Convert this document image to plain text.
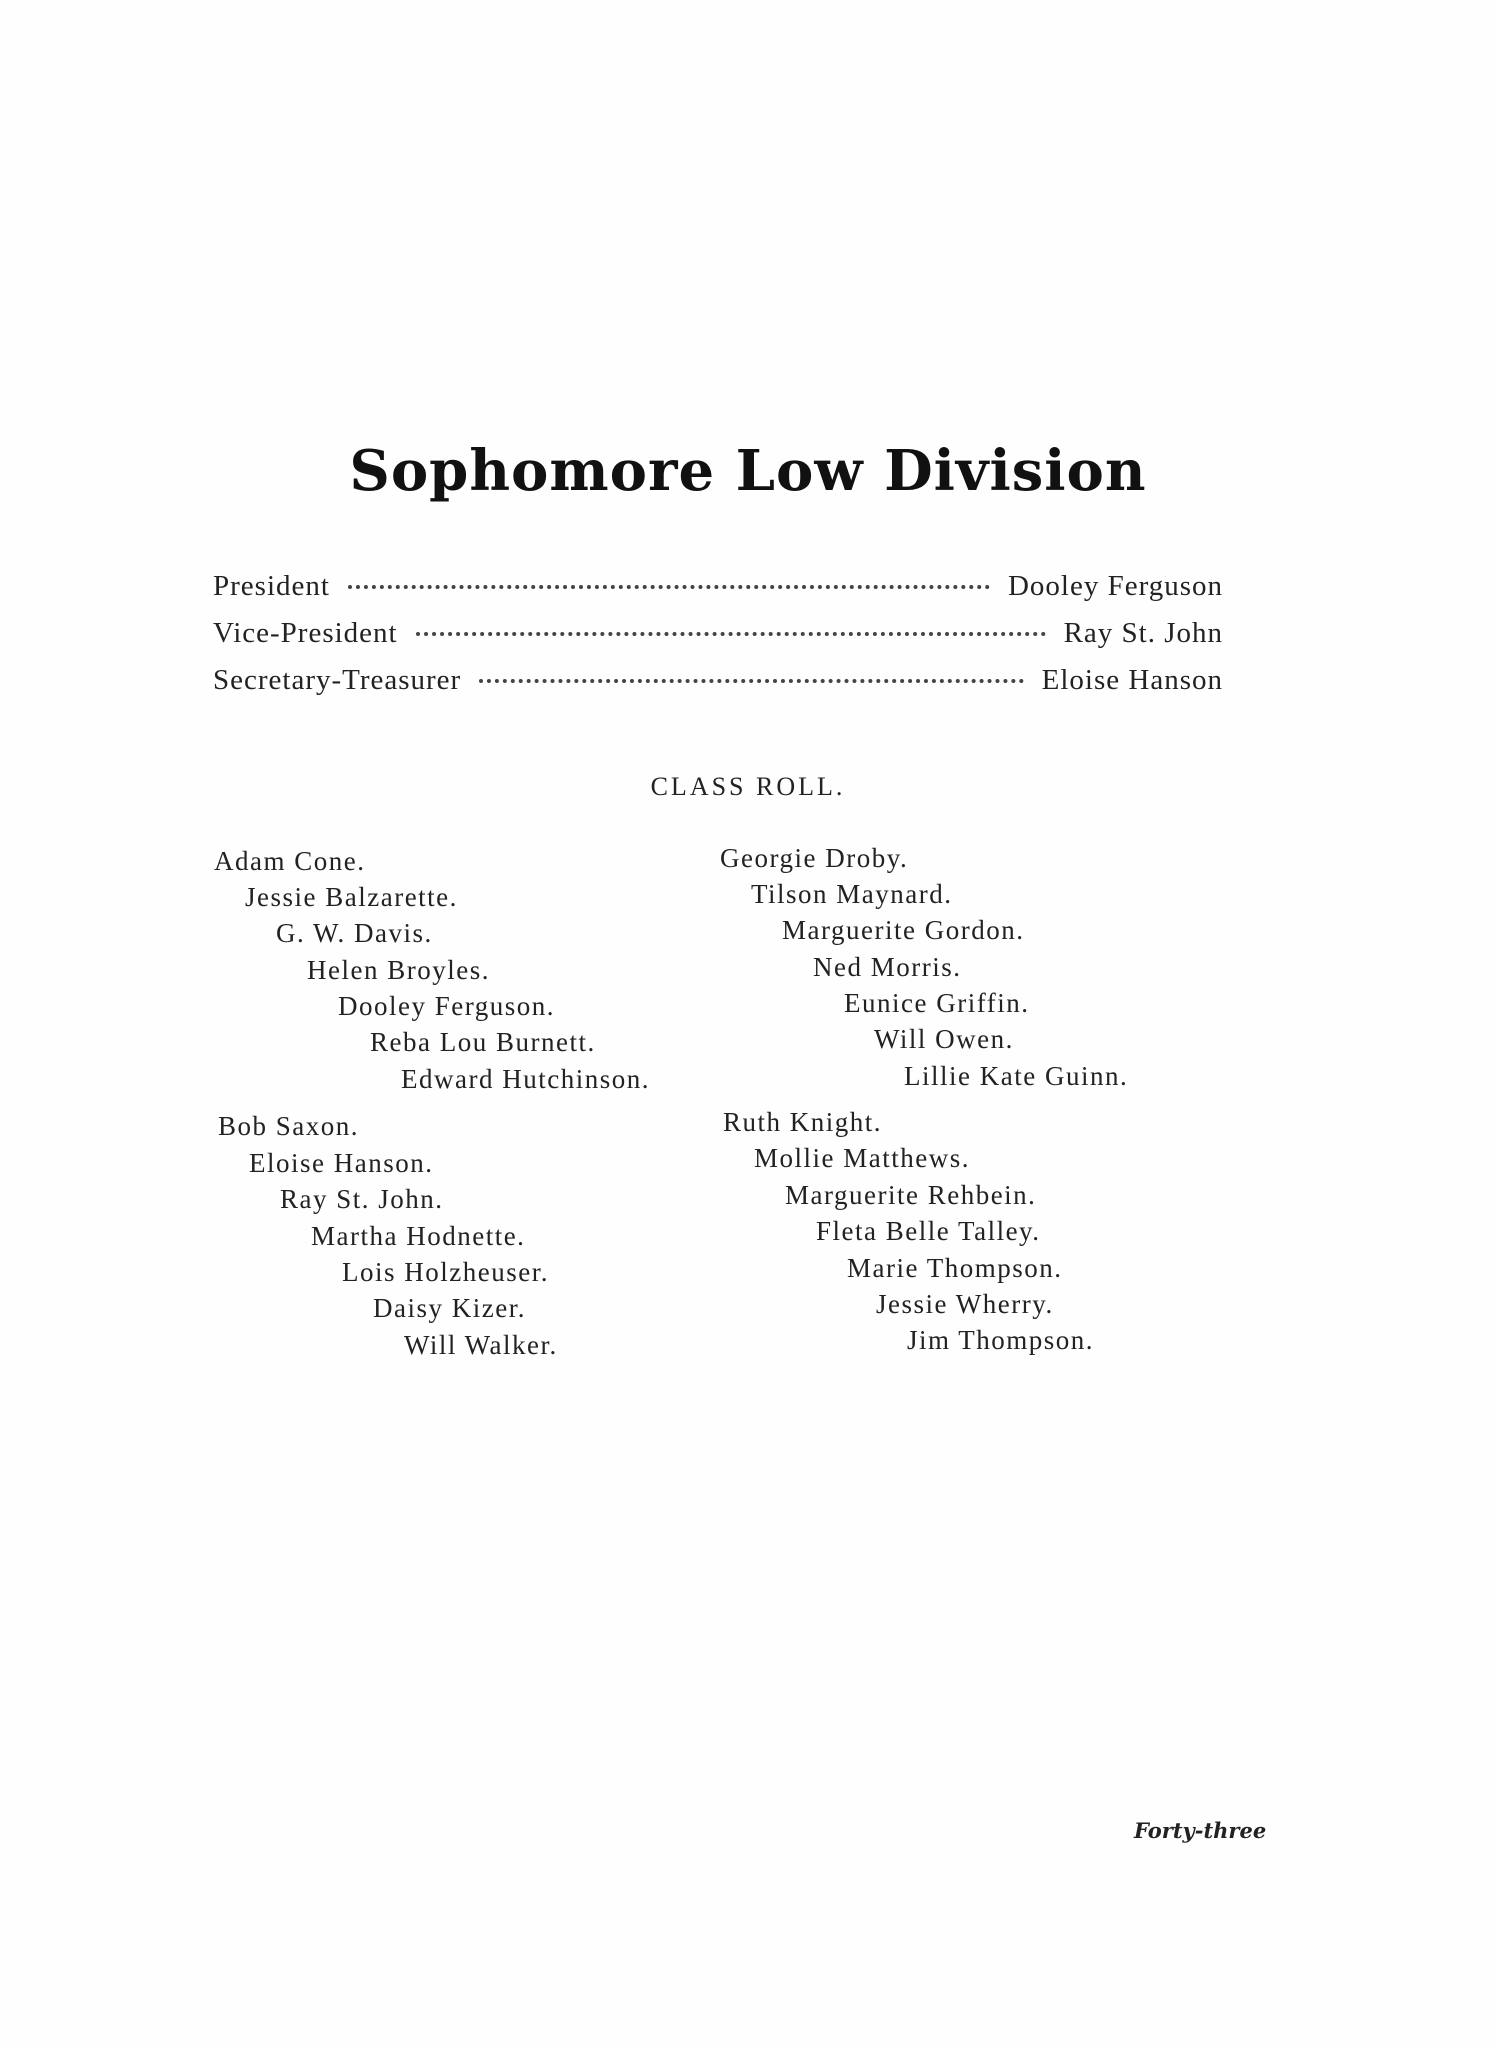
Sophomore Low Division
President	Dooley Ferguson
Vice-President	Ray St. John
Secretary-Treasurer	Eloise Hanson
CLASS ROLL.
Adam Cone.
Jessie Balzarette.
G. W. Davis.
Helen Broyles.
Dooley Ferguson.
Reba Lou Burnett.
Edward Hutchinson.
Bob Saxon.
Eloise Hanson.
Ray St. John.
Martha Hodnette.
Lois Holzheuser.
Daisy Kizer.
Will Walker.
Georgie Droby.
Tilson Maynard.
Marguerite Gordon.
Ned Morris.
Eunice Griffin.
Will Owen.
Lillie Kate Guinn.
Ruth Knight.
Mollie Matthews.
Marguerite Rehbein.
Fleta Belle Talley.
Marie Thompson.
Jessie Wherry.
Jim Thompson.
Forty-three
